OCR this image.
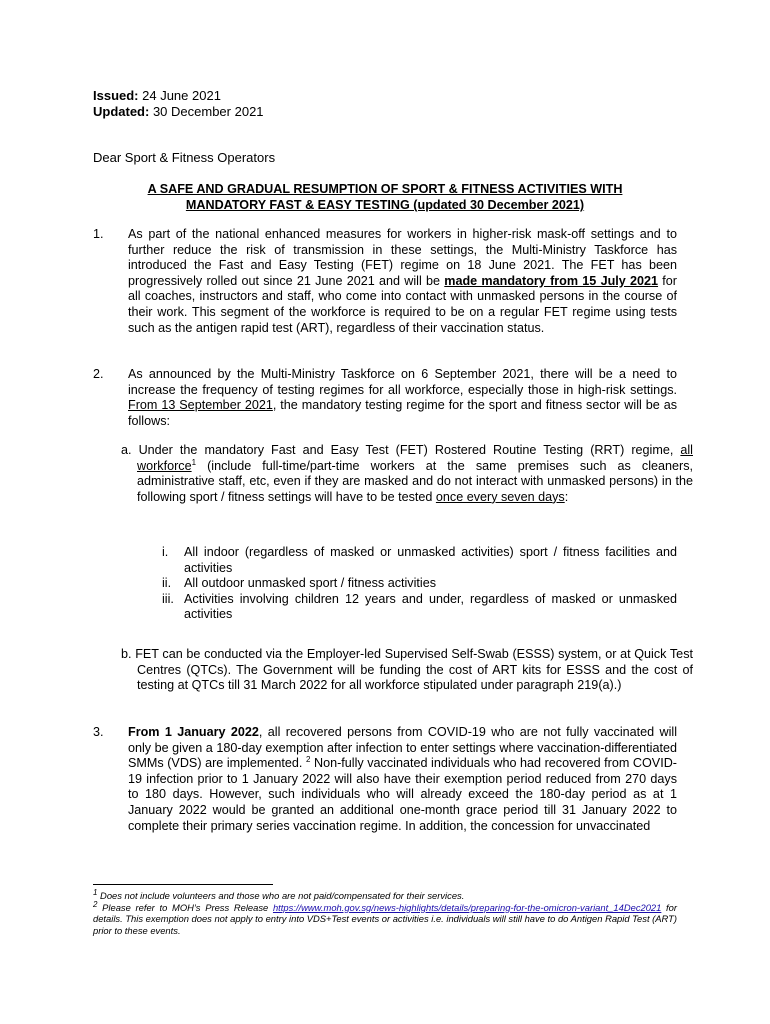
Issued: 24 June 2021
Updated: 30 December 2021
Dear Sport & Fitness Operators
A SAFE AND GRADUAL RESUMPTION OF SPORT & FITNESS ACTIVITIES WITH
MANDATORY FAST & EASY TESTING (updated 30 December 2021)
1. As part of the national enhanced measures for workers in higher-risk mask-off settings and to further reduce the risk of transmission in these settings, the Multi-Ministry Taskforce has introduced the Fast and Easy Testing (FET) regime on 18 June 2021. The FET has been progressively rolled out since 21 June 2021 and will be made mandatory from 15 July 2021 for all coaches, instructors and staff, who come into contact with unmasked persons in the course of their work. This segment of the workforce is required to be on a regular FET regime using tests such as the antigen rapid test (ART), regardless of their vaccination status.
2. As announced by the Multi-Ministry Taskforce on 6 September 2021, there will be a need to increase the frequency of testing regimes for all workforce, especially those in high-risk settings. From 13 September 2021, the mandatory testing regime for the sport and fitness sector will be as follows:
a. Under the mandatory Fast and Easy Test (FET) Rostered Routine Testing (RRT) regime, all workforce$^1$ (include full-time/part-time workers at the same premises such as cleaners, administrative staff, etc, even if they are masked and do not interact with unmasked persons) in the following sport / fitness settings will have to be tested once every seven days:
i.	All indoor (regardless of masked or unmasked activities) sport / fitness facilities and activities
ii.	All outdoor unmasked sport / fitness activities
iii. Activities involving children 12 years and under, regardless of masked or unmasked activities
b. FET can be conducted via the Employer-led Supervised Self-Swab (ESSS) system, or at Quick Test Centres (QTCs). The Government will be funding the cost of ART kits for ESSS and the cost of testing at QTCs till 31 March 2022 for all workforce stipulated under paragraph 219(a).)
3. From 1 January 2022, all recovered persons from COVID-19 who are not fully vaccinated will only be given a 180-day exemption after infection to enter settings where vaccination-differentiated SMMs (VDS) are implemented. $^2$ Non-fully vaccinated individuals who had recovered from COVID-19 infection prior to 1 January 2022 will also have their exemption period reduced from 270 days to 180 days. However, such individuals who will already exceed the 180-day period as at 1 January 2022 would be granted an additional one-month grace period till 31 January 2022 to complete their primary series vaccination regime. In addition, the concession for unvaccinated
$^1$ Does not include volunteers and those who are not paid/compensated for their services.
$^2$ Please refer to MOH’s Press Release https://www.moh.gov.sg/news-highlights/details/preparing-for-the-omicron-variant_14Dec2021 for details. This exemption does not apply to entry into VDS+Test events or activities i.e. individuals will still have to do Antigen Rapid Test (ART) prior to these events.
